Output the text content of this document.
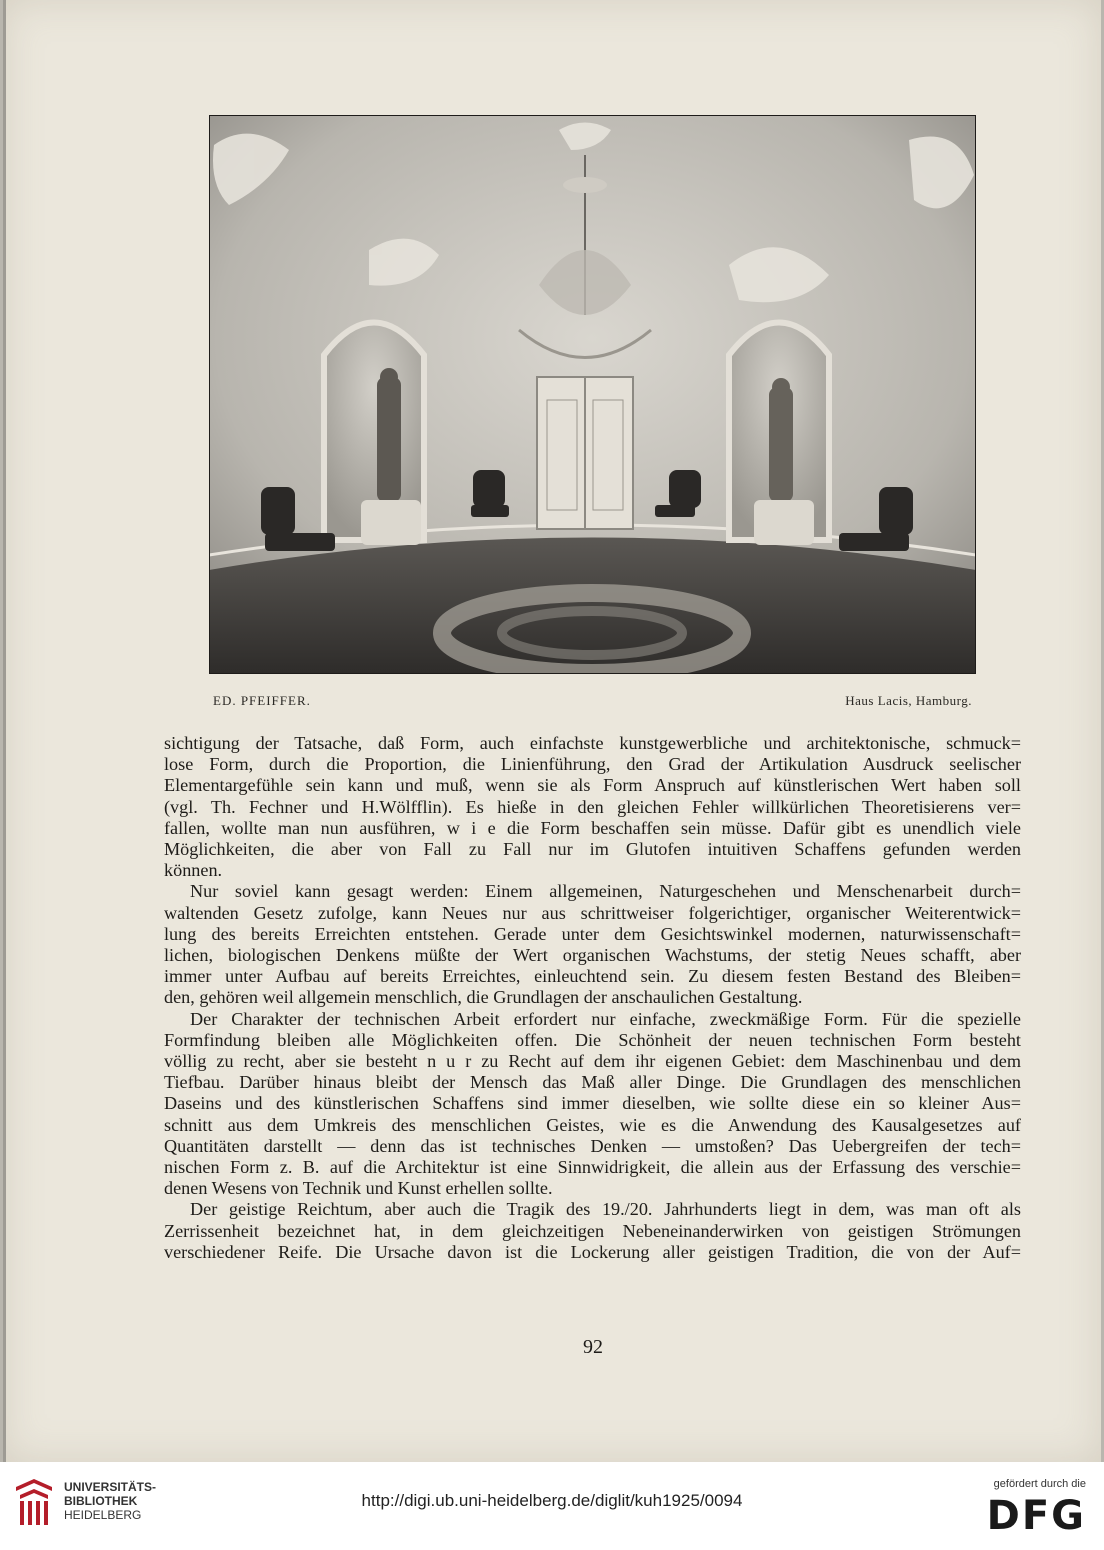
ED. PFEIFFER.	Haus Lacis, Hamburg.

sichtigung der Tatsache, daß Form, auch einfachste kunstgewerbliche und architektonische, schmuck=

lose Form, durch die Proportion, die Linienführung, den Grad der Artikulation Ausdruck seelischer

Elementargefühle sein kann und muß, wenn sie als Form Anspruch auf künstlerischen Wert haben soll

(vgl. Th. Fechner und H.Wölfflin). Es hieße in den gleichen Fehler willkürlichen Theoretisierens ver=

fallen, wollte man nun ausführen, w i e die Form beschaffen sein müsse. Dafür gibt es unendlich viele

Möglichkeiten, die aber von Fall zu Fall nur im Glutofen intuitiven Schaffens gefunden werden

können.

Nur soviel kann gesagt werden: Einem allgemeinen, Naturgeschehen und Menschenarbeit durch=

waltenden Gesetz zufolge, kann Neues nur aus schrittweiser folgerichtiger, organischer Weiterentwick=

lung des bereits Erreichten entstehen. Gerade unter dem Gesichtswinkel modernen, naturwissenschaft=

lichen, biologischen Denkens müßte der Wert organischen Wachstums, der stetig Neues schafft, aber

immer unter Aufbau auf bereits Erreichtes, einleuchtend sein. Zu diesem festen Bestand des Bleiben=

den, gehören weil allgemein menschlich, die Grundlagen der anschaulichen Gestaltung.

Der Charakter der technischen Arbeit erfordert nur einfache, zweckmäßige Form. Für die spezielle

Formfindung bleiben alle Möglichkeiten offen. Die Schönheit der neuen technischen Form besteht

völlig zu recht, aber sie besteht n u r zu Recht auf dem ihr eigenen Gebiet: dem Maschinenbau und dem

Tiefbau. Darüber hinaus bleibt der Mensch das Maß aller Dinge. Die Grundlagen des menschlichen

Daseins und des künstlerischen Schaffens sind immer dieselben, wie sollte diese ein so kleiner Aus=

schnitt aus dem Umkreis des menschlichen Geistes, wie es die Anwendung des Kausalgesetzes auf

Quantitäten darstellt — denn das ist technisches Denken — umstoßen? Das Uebergreifen der tech=

nischen Form z. B. auf die Architektur ist eine Sinnwidrigkeit, die allein aus der Erfassung des verschie=

denen Wesens von Technik und Kunst erhellen sollte.

Der geistige Reichtum, aber auch die Tragik des 19./20. Jahrhunderts liegt in dem, was man oft als

Zerrissenheit bezeichnet hat, in dem gleichzeitigen Nebeneinanderwirken von geistigen Strömungen

verschiedener Reife. Die Ursache davon ist die Lockerung aller geistigen Tradition, die von der Auf=

92
UNIVERSITÄTS-
BIBLIOTHEK
HEIDELBERG
http://digi.ub.uni-heidelberg.de/diglit/kuh1925/0094
gefördert durch die
DFG
